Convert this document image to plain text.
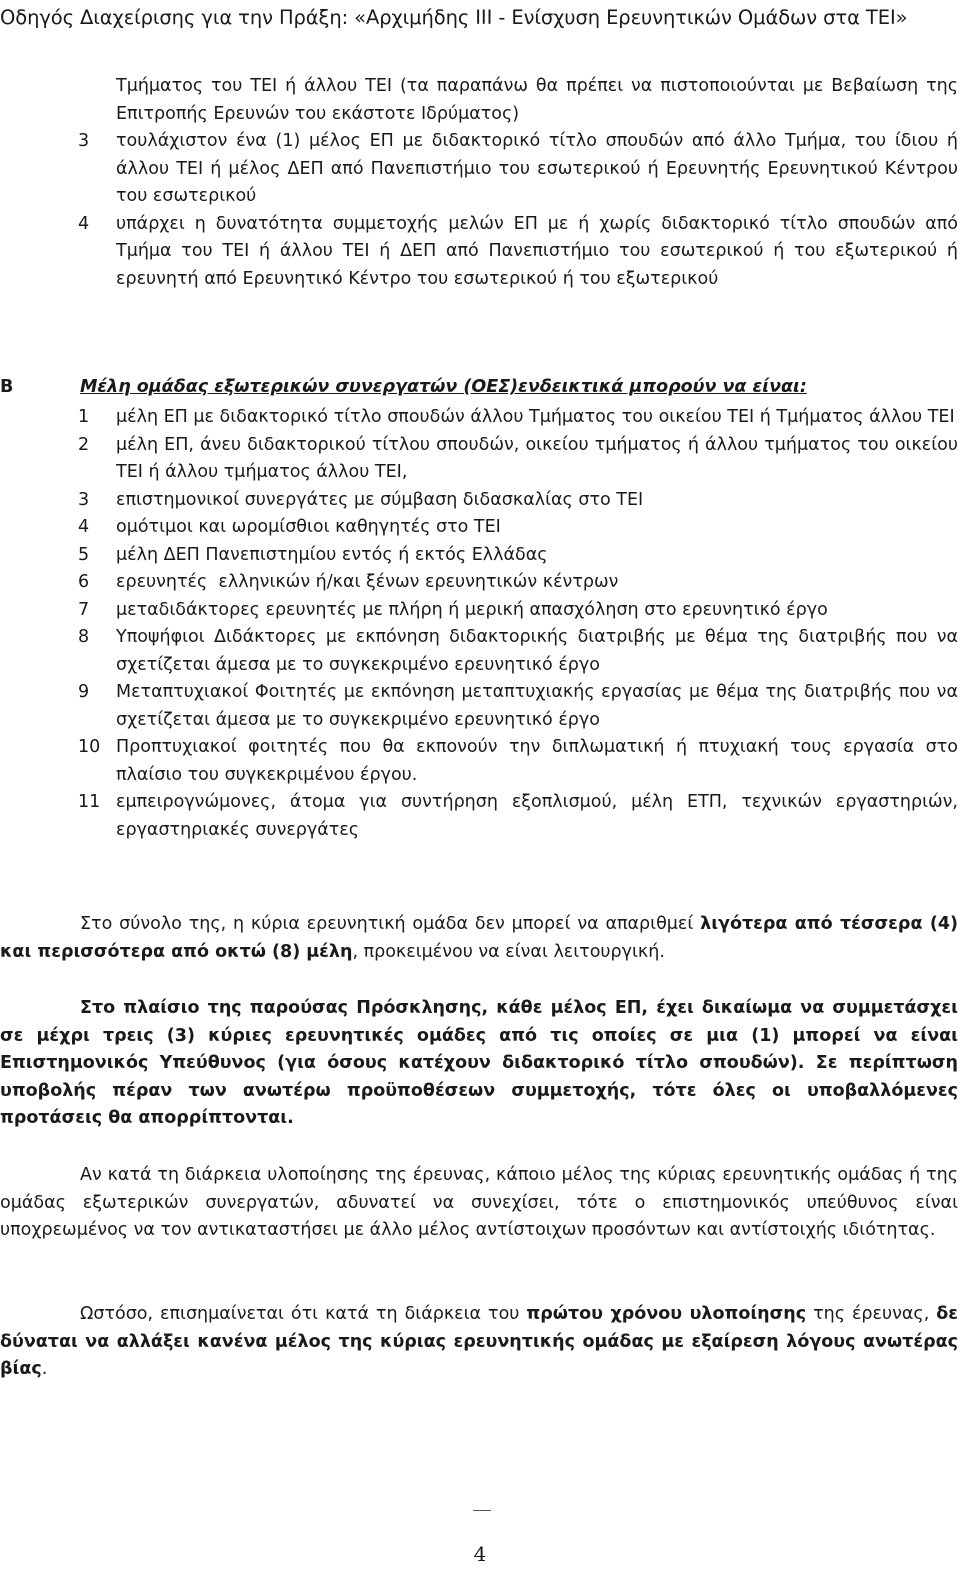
Οδηγός Διαχείρισης για την Πράξη: «Αρχιμήδης ΙΙΙ - Ενίσχυση Ερευνητικών Ομάδων στα ΤΕΙ»
Τμήματος του ΤΕΙ ή άλλου ΤΕΙ (τα παραπάνω θα πρέπει να πιστοποιούνται με Βεβαίωση της Επιτροπής Ερευνών του εκάστοτε Ιδρύματος)
3 τουλάχιστον ένα (1) μέλος ΕΠ με διδακτορικό τίτλο σπουδών από άλλο Τμήμα, του ίδιου ή άλλου ΤΕΙ ή μέλος ΔΕΠ από Πανεπιστήμιο του εσωτερικού ή Ερευνητής Ερευνητικού Κέντρου του εσωτερικού
4 υπάρχει η δυνατότητα συμμετοχής μελών ΕΠ με ή χωρίς διδακτορικό τίτλο σπουδών από Τμήμα του ΤΕΙ ή άλλου ΤΕΙ ή ΔΕΠ από Πανεπιστήμιο του εσωτερικού ή του εξωτερικού ή ερευνητή από Ερευνητικό Κέντρο του εσωτερικού ή του εξωτερικού
Β	Μέλη ομάδας εξωτερικών συνεργατών (ΟΕΣ)ενδεικτικά μπορούν να είναι:
1 μέλη ΕΠ με διδακτορικό τίτλο σπουδών άλλου Τμήματος του οικείου ΤΕΙ ή Τμήματος άλλου ΤΕΙ
2 μέλη ΕΠ, άνευ διδακτορικού τίτλου σπουδών, οικείου τμήματος ή άλλου τμήματος του οικείου ΤΕΙ ή άλλου τμήματος άλλου ΤΕΙ,
3 επιστημονικοί συνεργάτες με σύμβαση διδασκαλίας στο ΤΕΙ
4 ομότιμοι και ωρομίσθιοι καθηγητές στο ΤΕΙ
5 μέλη ΔΕΠ Πανεπιστημίου εντός ή εκτός Ελλάδας
6 ερευνητές  ελληνικών ή/και ξένων ερευνητικών κέντρων
7 μεταδιδάκτορες ερευνητές με πλήρη ή μερική απασχόληση στο ερευνητικό έργο
8 Υποψήφιοι Διδάκτορες με εκπόνηση διδακτορικής διατριβής με θέμα της διατριβής που να σχετίζεται άμεσα με το συγκεκριμένο ερευνητικό έργο
9 Μεταπτυχιακοί Φοιτητές με εκπόνηση μεταπτυχιακής εργασίας με θέμα της διατριβής που να σχετίζεται άμεσα με το συγκεκριμένο ερευνητικό έργο
10 Προπτυχιακοί φοιτητές που θα εκπονούν την διπλωματική ή πτυχιακή τους εργασία στο πλαίσιο του συγκεκριμένου έργου.
11 εμπειρογνώμονες, άτομα για συντήρηση εξοπλισμού, μέλη ΕΤΠ, τεχνικών εργαστηριών, εργαστηριακές συνεργάτες
Στο σύνολο της, η κύρια ερευνητική ομάδα δεν μπορεί να απαριθμεί λιγότερα από τέσσερα (4) και περισσότερα από οκτώ (8) μέλη, προκειμένου να είναι λειτουργική.
Στο πλαίσιο της παρούσας Πρόσκλησης, κάθε μέλος ΕΠ, έχει δικαίωμα να συμμετάσχει σε μέχρι τρεις (3) κύριες ερευνητικές ομάδες από τις οποίες σε μια (1) μπορεί να είναι Επιστημονικός Υπεύθυνος (για όσους κατέχουν διδακτορικό τίτλο σπουδών). Σε περίπτωση υποβολής πέραν των ανωτέρω προϋποθέσεων συμμετοχής, τότε όλες οι υποβαλλόμενες προτάσεις θα απορρίπτονται.
Αν κατά τη διάρκεια υλοποίησης της έρευνας, κάποιο μέλος της κύριας ερευνητικής ομάδας ή της ομάδας εξωτερικών συνεργατών, αδυνατεί να συνεχίσει, τότε ο επιστημονικός υπεύθυνος είναι υποχρεωμένος να τον αντικαταστήσει με άλλο μέλος αντίστοιχων προσόντων και αντίστοιχής ιδιότητας.
Ωστόσο, επισημαίνεται ότι κατά τη διάρκεια του πρώτου χρόνου υλοποίησης της έρευνας, δε δύναται να αλλάξει κανένα μέλος της κύριας ερευνητικής ομάδας με εξαίρεση λόγους ανωτέρας βίας.
4
